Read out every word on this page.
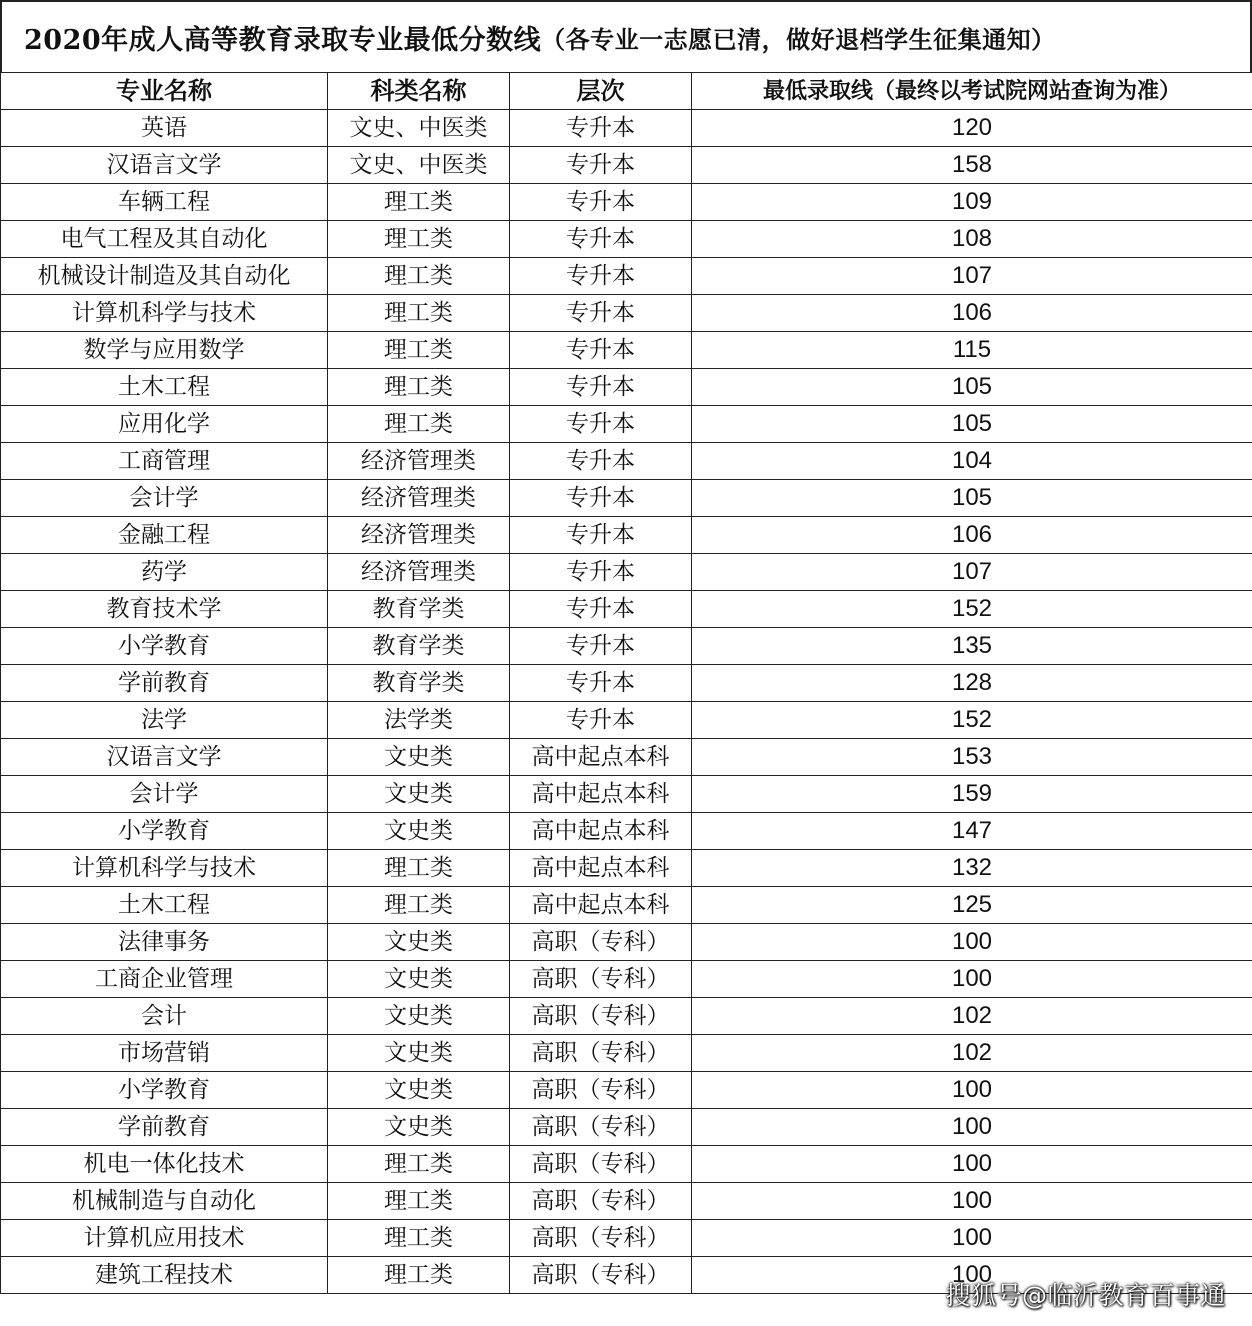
2020年成人高等教育录取专业最低分数线 （各专业一志愿已清，做好退档学生征集通知）
专业名称	科类名称	层次	最低录取线（最终以考试院网站查询为准）
英语	文史、中医类	专升本	120
汉语言文学	文史、中医类	专升本	158
车辆工程	理工类	专升本	109
电气工程及其自动化	理工类	专升本	108
机械设计制造及其自动化	理工类	专升本	107
计算机科学与技术	理工类	专升本	106
数学与应用数学	理工类	专升本	115
土木工程	理工类	专升本	105
应用化学	理工类	专升本	105
工商管理	经济管理类	专升本	104
会计学	经济管理类	专升本	105
金融工程	经济管理类	专升本	106
药学	经济管理类	专升本	107
教育技术学	教育学类	专升本	152
小学教育	教育学类	专升本	135
学前教育	教育学类	专升本	128
法学	法学类	专升本	152
汉语言文学	文史类	高中起点本科	153
会计学	文史类	高中起点本科	159
小学教育	文史类	高中起点本科	147
计算机科学与技术	理工类	高中起点本科	132
土木工程	理工类	高中起点本科	125
法律事务	文史类	高职（专科）	100
工商企业管理	文史类	高职（专科）	100
会计	文史类	高职（专科）	102
市场营销	文史类	高职（专科）	102
小学教育	文史类	高职（专科）	100
学前教育	文史类	高职（专科）	100
机电一体化技术	理工类	高职（专科）	100
机械制造与自动化	理工类	高职（专科）	100
计算机应用技术	理工类	高职（专科）	100
建筑工程技术	理工类	高职（专科）	100
搜狐号@临沂教育百事通
